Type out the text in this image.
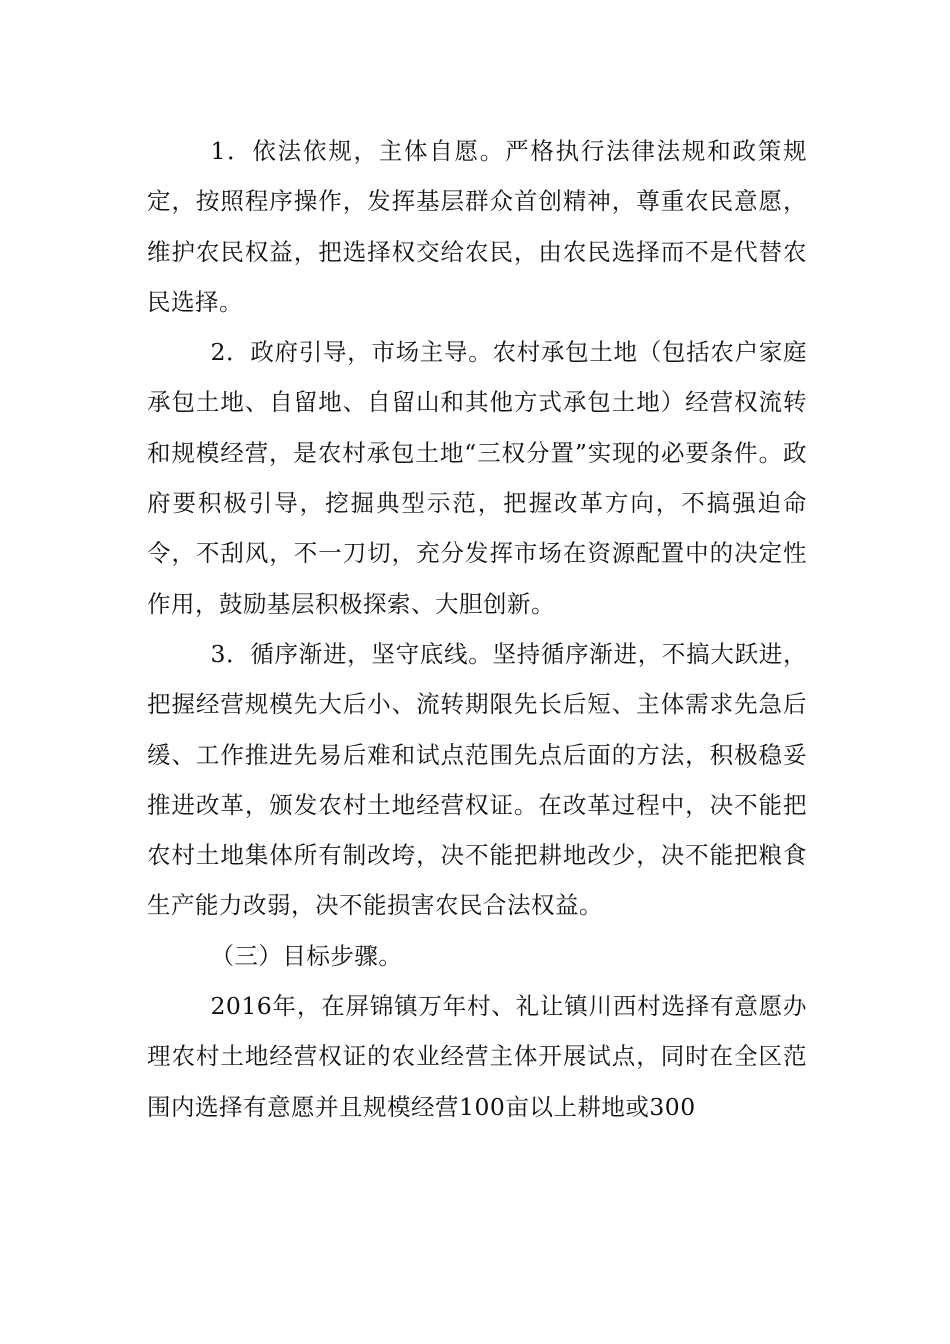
1．依法依规，主体自愿。严格执行法律法规和政策规定，按照程序操作，发挥基层群众首创精神，尊重农民意愿，维护农民权益，把选择权交给农民，由农民选择而不是代替农民选择。

2．政府引导，市场主导。农村承包土地（包括农户家庭承包土地、自留地、自留山和其他方式承包土地）经营权流转和规模经营，是农村承包土地“三权分置”实现的必要条件。政府要积极引导，挖掘典型示范，把握改革方向，不搞强迫命令，不刮风，不一刀切，充分发挥市场在资源配置中的决定性作用，鼓励基层积极探索、大胆创新。

3．循序渐进，坚守底线。坚持循序渐进，不搞大跃进，把握经营规模先大后小、流转期限先长后短、主体需求先急后缓、工作推进先易后难和试点范围先点后面的方法，积极稳妥推进改革，颁发农村土地经营权证。在改革过程中，决不能把农村土地集体所有制改垮，决不能把耕地改少，决不能把粮食生产能力改弱，决不能损害农民合法权益。

（三）目标步骤。

2016年，在屏锦镇万年村、礼让镇川西村选择有意愿办理农村土地经营权证的农业经营主体开展试点，同时在全区范围内选择有意愿并且规模经营100亩以上耕地或300
